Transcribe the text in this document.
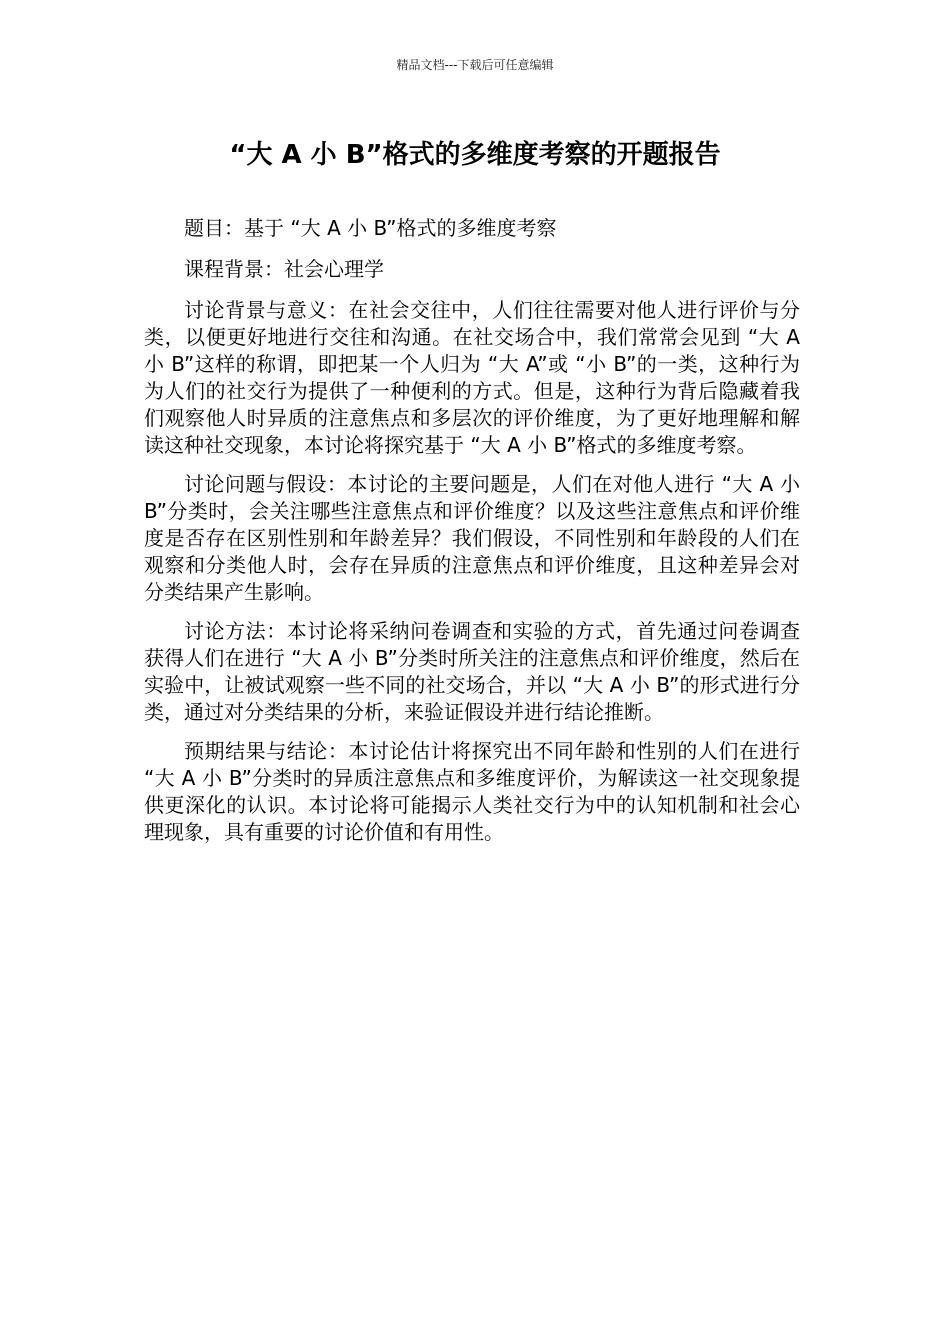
精品文档---下载后可任意编辑
“大 A 小 B”格式的多维度考察的开题报告

题目：基于 “大 A 小 B”格式的多维度考察

课程背景：社会心理学

讨论背景与意义：在社会交往中，人们往往需要对他人进行评价与分类，以便更好地进行交往和沟通。在社交场合中，我们常常会见到 “大 A 小 B”这样的称谓，即把某一个人归为 “大 A”或 “小 B”的一类，这种行为为人们的社交行为提供了一种便利的方式。但是，这种行为背后隐藏着我们观察他人时异质的注意焦点和多层次的评价维度，为了更好地理解和解读这种社交现象，本讨论将探究基于 “大 A 小 B”格式的多维度考察。

讨论问题与假设：本讨论的主要问题是，人们在对他人进行 “大 A 小 B”分类时，会关注哪些注意焦点和评价维度？以及这些注意焦点和评价维度是否存在区别性别和年龄差异？我们假设，不同性别和年龄段的人们在观察和分类他人时，会存在异质的注意焦点和评价维度，且这种差异会对分类结果产生影响。

讨论方法：本讨论将采纳问卷调查和实验的方式，首先通过问卷调查获得人们在进行 “大 A 小 B”分类时所关注的注意焦点和评价维度，然后在实验中，让被试观察一些不同的社交场合，并以 “大 A 小 B”的形式进行分类，通过对分类结果的分析，来验证假设并进行结论推断。

预期结果与结论：本讨论估计将探究出不同年龄和性别的人们在进行 “大 A 小 B”分类时的异质注意焦点和多维度评价，为解读这一社交现象提供更深化的认识。本讨论将可能揭示人类社交行为中的认知机制和社会心理现象，具有重要的讨论价值和有用性。
